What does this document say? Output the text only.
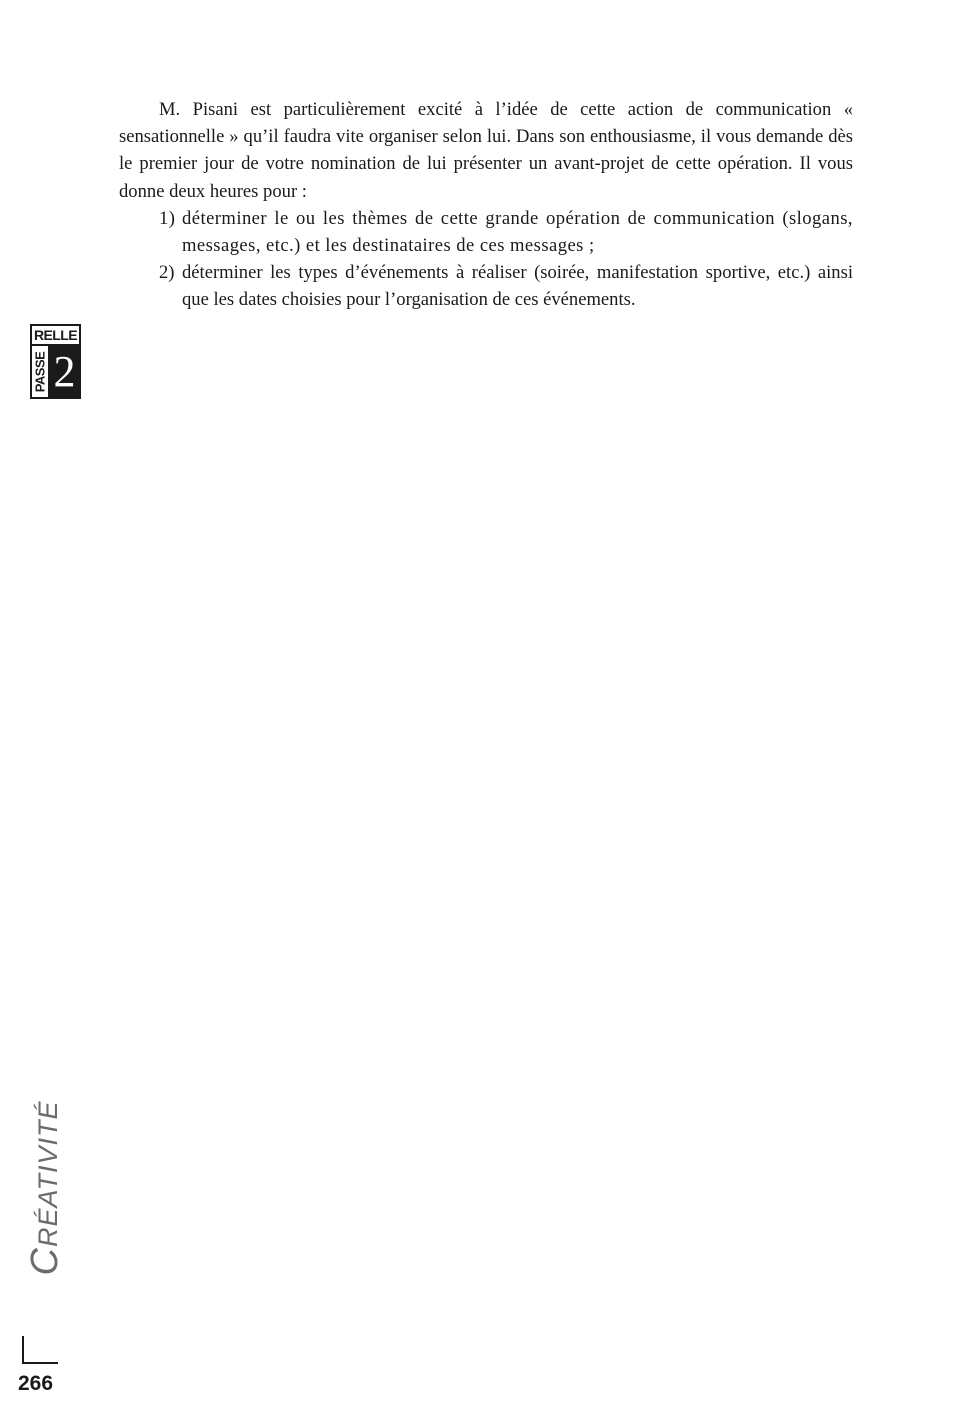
M. Pisani est particulièrement excité à l’idée de cette action de communication « sensationnelle » qu’il faudra vite organiser selon lui. Dans son enthousiasme, il vous demande dès le premier jour de votre nomination de lui présenter un avant-projet de cette opération. Il vous donne deux heures pour :

1) déterminer le ou les thèmes de cette grande opération de communication (slogans, messages, etc.) et les destinataires de ces messages ;
2) déterminer les types d’événements à réaliser (soirée, manifestation sportive, etc.) ainsi que les dates choisies pour l’organisation de ces événements.
RELLE
PASSE 2
Créativité
266
